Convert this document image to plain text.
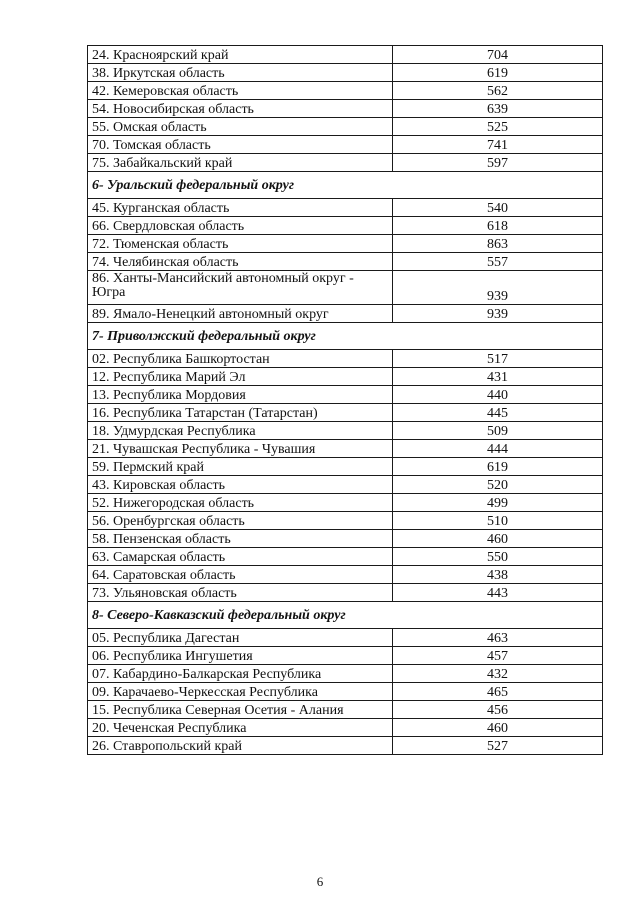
24. Красноярский край	704
38. Иркутская область	619
42. Кемеровская область	562
54. Новосибирская область	639
55. Омская область	525
70. Томская область	741
75. Забайкальский край	597
6- Уральский федеральный округ	
45. Курганская область	540
66. Свердловская область	618
72. Тюменская область	863
74. Челябинская область	557
86. Ханты-Мансийский автономный округ - Югра	939
89. Ямало-Ненецкий автономный округ	939
7- Приволжский федеральный округ	
02. Республика Башкортостан	517
12. Республика Марий Эл	431
13. Республика Мордовия	440
16. Республика Татарстан (Татарстан)	445
18. Удмурдская Республика	509
21. Чувашская Республика - Чувашия	444
59. Пермский край	619
43. Кировская область	520
52. Нижегородская область	499
56. Оренбургская область	510
58. Пензенская область	460
63. Самарская область	550
64. Саратовская область	438
73. Ульяновская область	443
8- Северо-Кавказский федеральный округ	
05. Республика Дагестан	463
06. Республика Ингушетия	457
07. Кабардино-Балкарская Республика	432
09. Карачаево-Черкесская Республика	465
15. Республика Северная Осетия - Алания	456
20. Чеченская Республика	460
26. Ставропольский край	527
6
